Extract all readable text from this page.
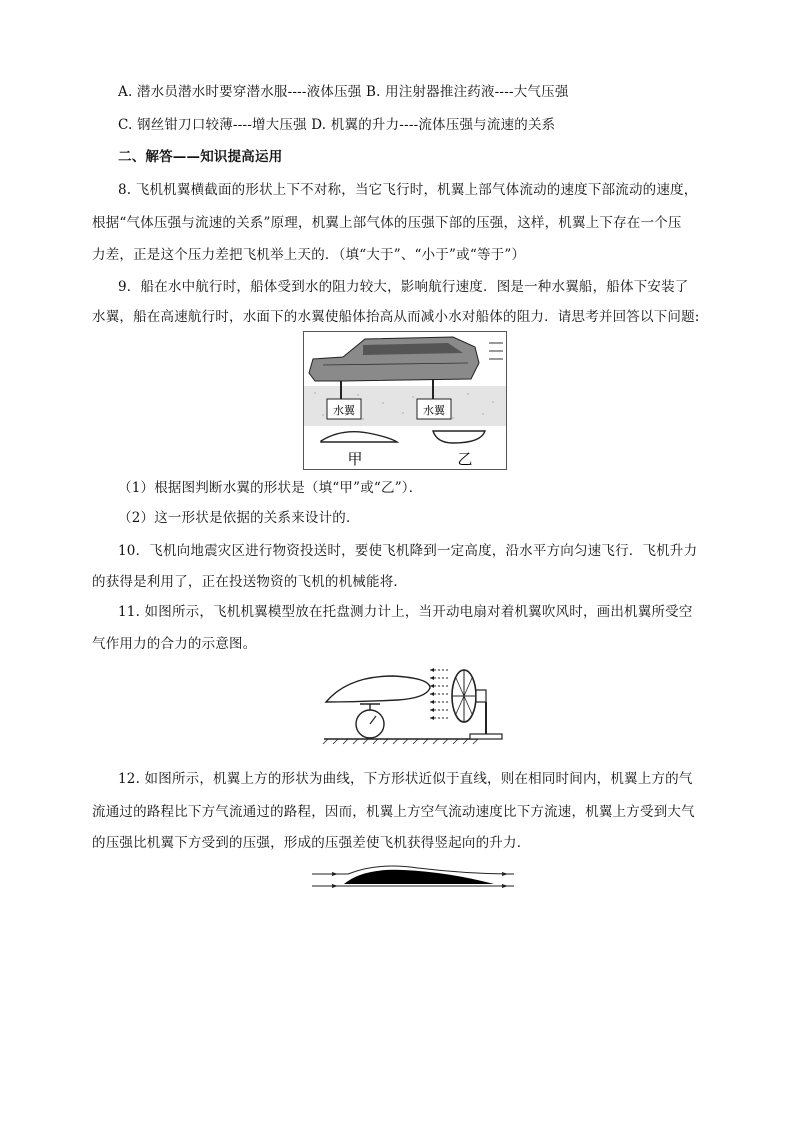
A. 潜水员潜水时要穿潜水服----液体压强 B. 用注射器推注药液----大气压强
C. 钢丝钳刀口较薄----增大压强 D. 机翼的升力----流体压强与流速的关系
二、解答——知识提高运用
8. 飞机机翼横截面的形状上下不对称，当它飞行时，机翼上部气体流动的速度下部流动的速度，
根据“气体压强与流速的关系”原理，机翼上部气体的压强下部的压强，这样，机翼上下存在一个压
力差，正是这个压力差把飞机举上天的．（填“大于”、“小于”或“等于”）
9．船在水中航行时，船体受到水的阻力较大，影响航行速度．图是一种水翼船，船体下安装了
水翼，船在高速航行时，水面下的水翼使船体抬高从而减小水对船体的阻力．请思考并回答以下问题:
水翼	水翼
甲	乙
（1）根据图判断水翼的形状是（填“甲”或“乙”）．
（2）这一形状是依据的关系来设计的．
10．飞机向地震灾区进行物资投送时，要使飞机降到一定高度，沿水平方向匀速飞行．飞机升力
的获得是利用了，正在投送物资的飞机的机械能将．
11. 如图所示，飞机机翼模型放在托盘测力计上，当开动电扇对着机翼吹风时，画出机翼所受空
气作用力的合力的示意图。
12. 如图所示，机翼上方的形状为曲线，下方形状近似于直线，则在相同时间内，机翼上方的气
流通过的路程比下方气流通过的路程，因而，机翼上方空气流动速度比下方流速，机翼上方受到大气
的压强比机翼下方受到的压强，形成的压强差使飞机获得竖起向的升力．
